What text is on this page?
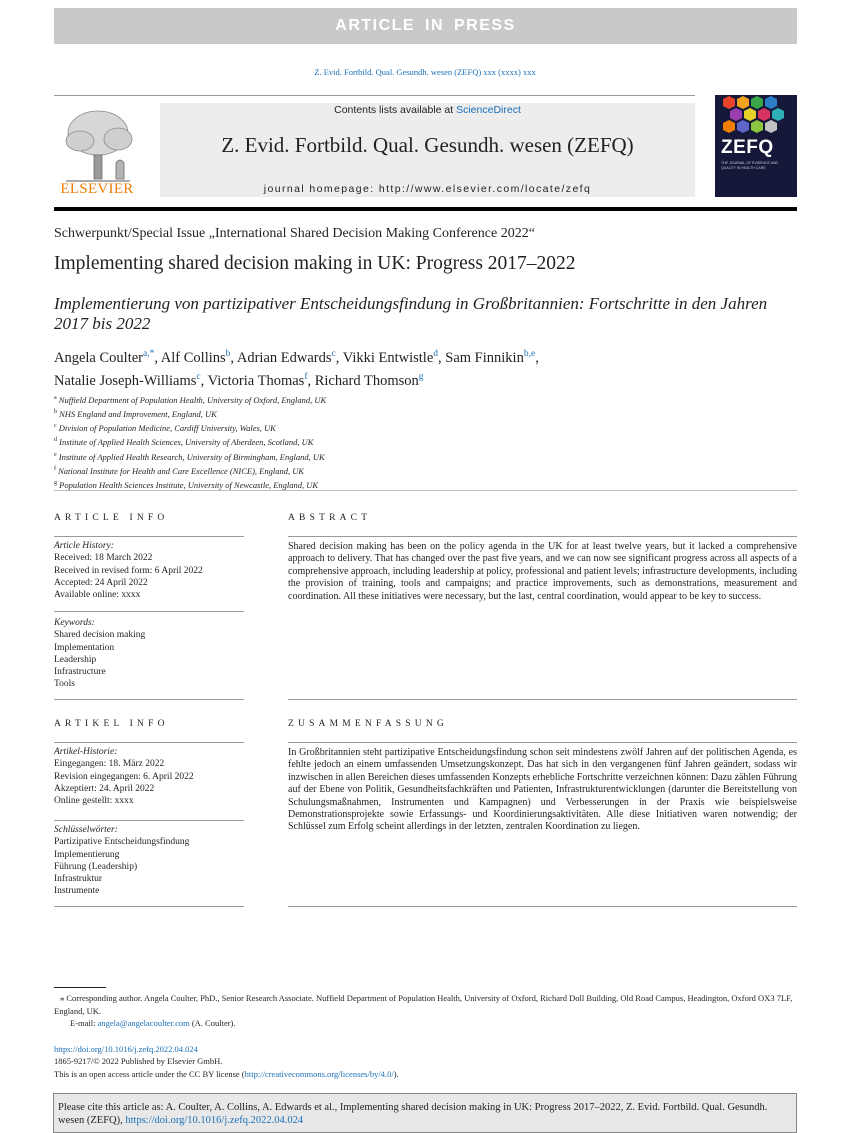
ARTICLE IN PRESS
Z. Evid. Fortbild. Qual. Gesundh. wesen (ZEFQ) xxx (xxxx) xxx
ELSEVIER
Contents lists available at ScienceDirect
Z. Evid. Fortbild. Qual. Gesundh. wesen (ZEFQ)
journal homepage: http://www.elsevier.com/locate/zefq
ZEFQ
THE JOURNAL OF EVIDENCE AND QUALITY IN HEALTH CARE
Schwerpunkt/Special Issue „International Shared Decision Making Conference 2022“
Implementing shared decision making in UK: Progress 2017–2022
Implementierung von partizipativer Entscheidungsfindung in Großbritannien: Fortschritte in den Jahren 2017 bis 2022
Angela Coulter$^{a,*}$, Alf Collins$^b$, Adrian Edwards$^c$, Vikki Entwistle$^d$, Sam Finnikin$^{b,e}$,
Natalie Joseph-Williams$^c$, Victoria Thomas$^f$, Richard Thomson$^g$
$^a$ Nuffield Department of Population Health, University of Oxford, England, UK
$^b$ NHS England and Improvement, England, UK
$^c$ Division of Population Medicine, Cardiff University, Wales, UK
$^d$ Institute of Applied Health Sciences, University of Aberdeen, Scotland, UK
$^e$ Institute of Applied Health Research, University of Birmingham, England, UK
$^f$ National Institute for Health and Care Excellence (NICE), England, UK
$^g$ Population Health Sciences Institute, University of Newcastle, England, UK
ARTICLE INFO
Article History:
Received: 18 March 2022
Received in revised form: 6 April 2022
Accepted: 24 April 2022
Available online: xxxx
Keywords:
Shared decision making
Implementation
Leadership
Infrastructure
Tools
ABSTRACT
Shared decision making has been on the policy agenda in the UK for at least twelve years, but it lacked a comprehensive approach to delivery. That has changed over the past five years, and we can now see significant progress across all aspects of a comprehensive approach, including leadership at policy, professional and patient levels; infrastructure developments, including the provision of training, tools and campaigns; and practice improvements, such as demonstrations, measurement and coordination. All these initiatives were necessary, but the last, central coordination, would appear to be key to success.
ARTIKEL INFO
Artikel-Historie:
Eingegangen: 18. März 2022
Revision eingegangen: 6. April 2022
Akzeptiert: 24. April 2022
Online gestellt: xxxx
Schlüsselwörter:
Partizipative Entscheidungsfindung
Implementierung
Führung (Leadership)
Infrastruktur
Instrumente
ZUSAMMENFASSUNG
In Großbritannien steht partizipative Entscheidungsfindung schon seit mindestens zwölf Jahren auf der politischen Agenda, es fehlte jedoch an einem umfassenden Umsetzungskonzept. Das hat sich in den vergangenen fünf Jahren geändert, sodass wir inzwischen in allen Bereichen dieses umfassenden Konzepts erhebliche Fortschritte verzeichnen können: Dazu zählen Führung auf der Ebene von Politik, Gesundheitsfachkräften und Patienten, Infrastrukturentwicklungen (darunter die Bereitstellung von Schulungsmaßnahmen, Instrumenten und Kampagnen) und Verbesserungen in der Praxis wie beispielsweise Demonstrationsprojekte sowie Erfassungs- und Koordinierungsaktivitäten. Alle diese Initiativen waren notwendig; der Schlüssel zum Erfolg scheint allerdings in der letzten, zentralen Koordination zu liegen.
⁎ Corresponding author. Angela Coulter, PhD., Senior Research Associate. Nuffield Department of Population Health, University of Oxford, Richard Doll Building, Old Road Campus, Headington, Oxford OX3 7LF, England, UK.
E-mail: angela@angelacoulter.com (A. Coulter).
https://doi.org/10.1016/j.zefq.2022.04.024
1865-9217/© 2022 Published by Elsevier GmbH.
This is an open access article under the CC BY license (http://creativecommons.org/licenses/by/4.0/).
Please cite this article as: A. Coulter, A. Collins, A. Edwards et al., Implementing shared decision making in UK: Progress 2017–2022, Z. Evid. Fortbild. Qual. Gesundh. wesen (ZEFQ), https://doi.org/10.1016/j.zefq.2022.04.024
